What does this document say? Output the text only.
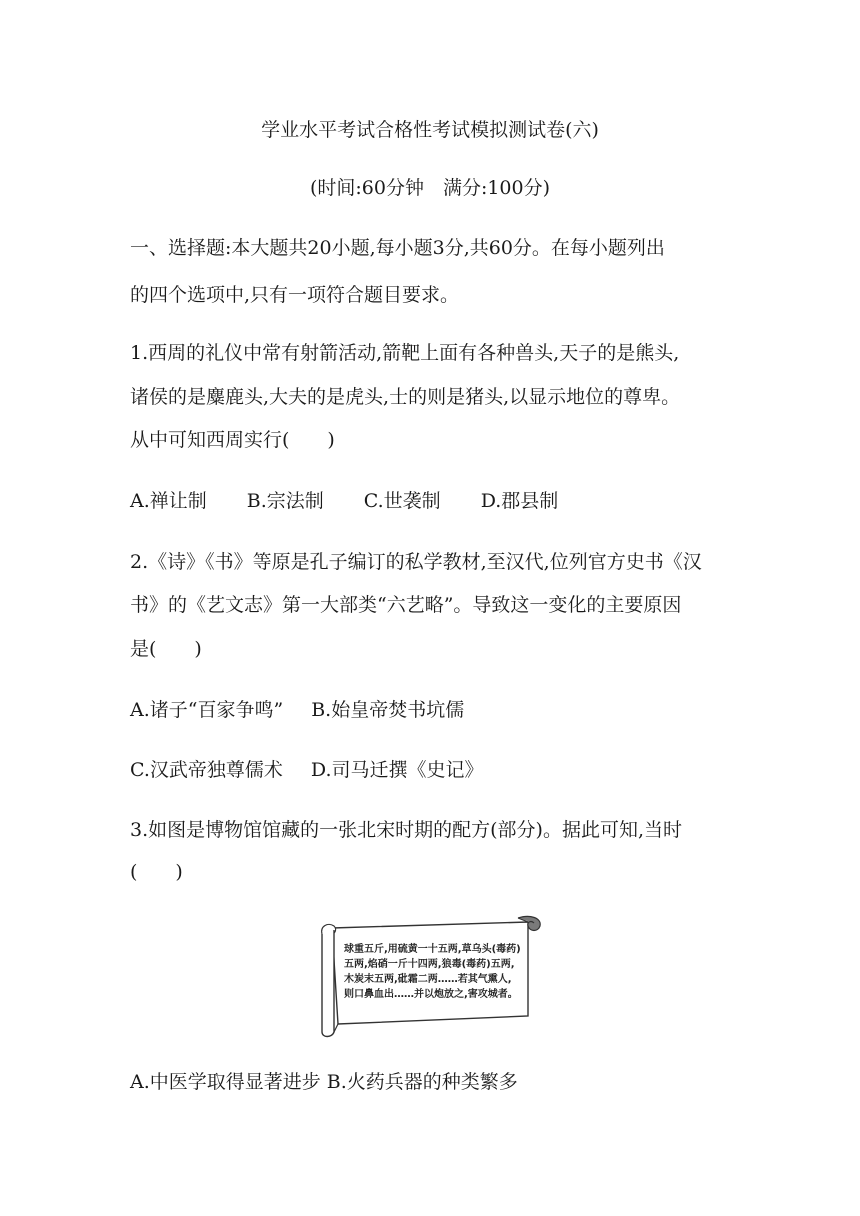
学业水平考试合格性考试模拟测试卷(六)
(时间:60分钟　满分:100分)
一、选择题:本大题共20小题,每小题3分,共60分。在每小题列出
的四个选项中,只有一项符合题目要求。
1.西周的礼仪中常有射箭活动,箭靶上面有各种兽头,天子的是熊头,
诸侯的是麋鹿头,大夫的是虎头,士的则是猪头,以显示地位的尊卑。
从中可知西周实行(　　)
A.禅让制 B.宗法制 C.世袭制 D.郡县制
2.《诗》《书》等原是孔子编订的私学教材,至汉代,位列官方史书《汉
书》的《艺文志》第一大部类“六艺略”。导致这一变化的主要原因
是(　　)
A.诸子“百家争鸣” B.始皇帝焚书坑儒
C.汉武帝独尊儒术 D.司马迁撰《史记》
3.如图是博物馆馆藏的一张北宋时期的配方(部分)。据此可知,当时
(　　)
球重五斤,用硫黄一十五两,草乌头(毒药)
五两,焰硝一斤十四两,狼毒(毒药)五两,
木炭末五两,砒霜二两……若其气熏人,
则口鼻血出……并以炮放之,害攻城者。
A.中医学取得显著进步 B.火药兵器的种类繁多
